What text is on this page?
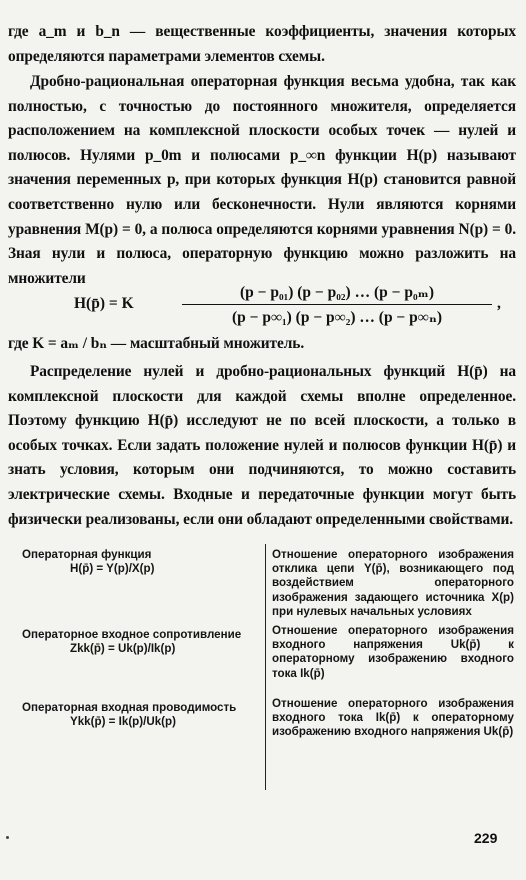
где a_m и b_n — вещественные коэффициенты, значения которых определяются параметрами элементов схемы.
Дробно-рациональная операторная функция весьма удобна, так как полностью, с точностью до постоянного множителя, определяется расположением на комплексной плоскости особых точек — нулей и полюсов. Нулями p_0m и полюсами p_∞n функции H(p) называют значения переменных p, при которых функция H(p) становится равной соответственно нулю или бесконечности. Нули являются корнями уравнения M(p) = 0, а полюса определяются корнями уравнения N(p) = 0. Зная нули и полюса, операторную функцию можно разложить на множители
H(p̄) = K
(p − p₀₁) (p − p₀₂) … (p − p₀ₘ)
(p − p∞₁) (p − p∞₂) … (p − p∞ₙ)
,
где K = aₘ / bₙ — масштабный множитель.
Распределение нулей и дробно-рациональных функций H(p̄) на комплексной плоскости для каждой схемы вполне определенное. Поэтому функцию H(p̄) исследуют не по всей плоскости, а только в особых точках. Если задать положение нулей и полюсов функции H(p̄) и знать условия, которым они подчиняются, то можно составить электрические схемы. Входные и передаточные функции могут быть физически реализованы, если они обладают определенными свойствами.
Операторная функция
H(p̄) = Y(p)/X(p)
Отношение операторного изображения отклика цепи Y(p̄), возникающего под воздействием операторного изображения задающего источника X(p) при нулевых начальных условиях
Операторное входное сопротивление
Zkk(p̄) = Uk(p)/Ik(p)
Отношение операторного изображения входного напряжения Uk(p̄) к операторному изображению входного тока Ik(p̄)
Операторная входная проводимость
Ykk(p̄) = Ik(p)/Uk(p)
Отношение операторного изображения входного тока Ik(p̄) к операторному изображению входного напряжения Uk(p̄)
229
